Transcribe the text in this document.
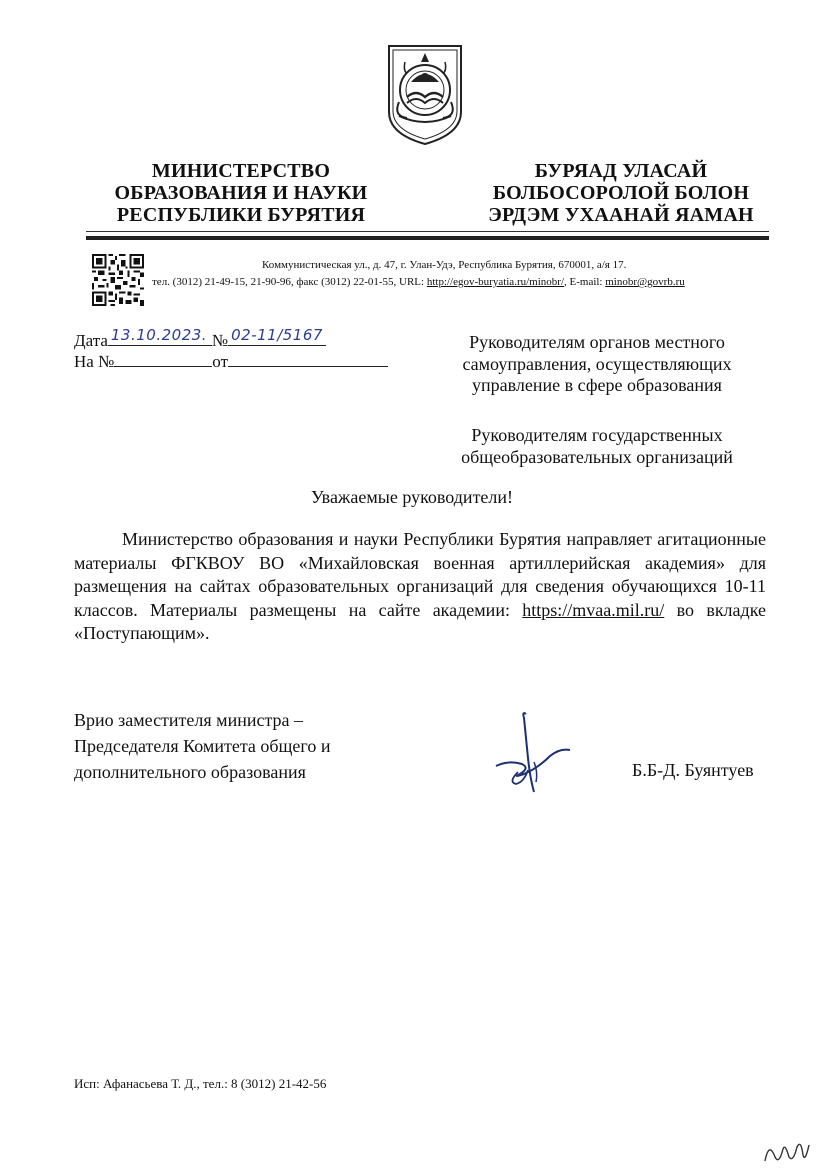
МИНИСТЕРСТВО
ОБРАЗОВАНИЯ И НАУКИ
РЕСПУБЛИКИ БУРЯТИЯ
БУРЯАД УЛАСАЙ
БОЛБОСОРОЛОЙ БОЛОН
ЭРДЭМ УХААНАЙ ЯАМАН
Коммунистическая ул., д. 47, г. Улан-Удэ, Республика Бурятия, 670001, а/я 17.
тел. (3012) 21-49-15, 21-90-96, факс (3012) 22-01-55, URL: http://egov-buryatia.ru/minobr/, E-mail: minobr@govrb.ru
Дата 13.10.2023. № 02-11/5167
На №	от
Руководителям органов местного самоуправления, осуществляющих управление в сфере образования
Руководителям государственных общеобразовательных организаций
Уважаемые руководители!

Министерство образования и науки Республики Бурятия направляет агитационные материалы ФГКВОУ ВО «Михайловская военная артиллерийская академия» для размещения на сайтах образовательных организаций для сведения обучающихся 10-11 классов. Материалы размещены на сайте академии: https://mvaa.mil.ru/ во вкладке «Поступающим».

Врио заместителя министра –
Председателя Комитета общего и
дополнительного образования	Б.Б-Д. Буянтуев
Исп: Афанасьева Т. Д., тел.: 8 (3012) 21-42-56
